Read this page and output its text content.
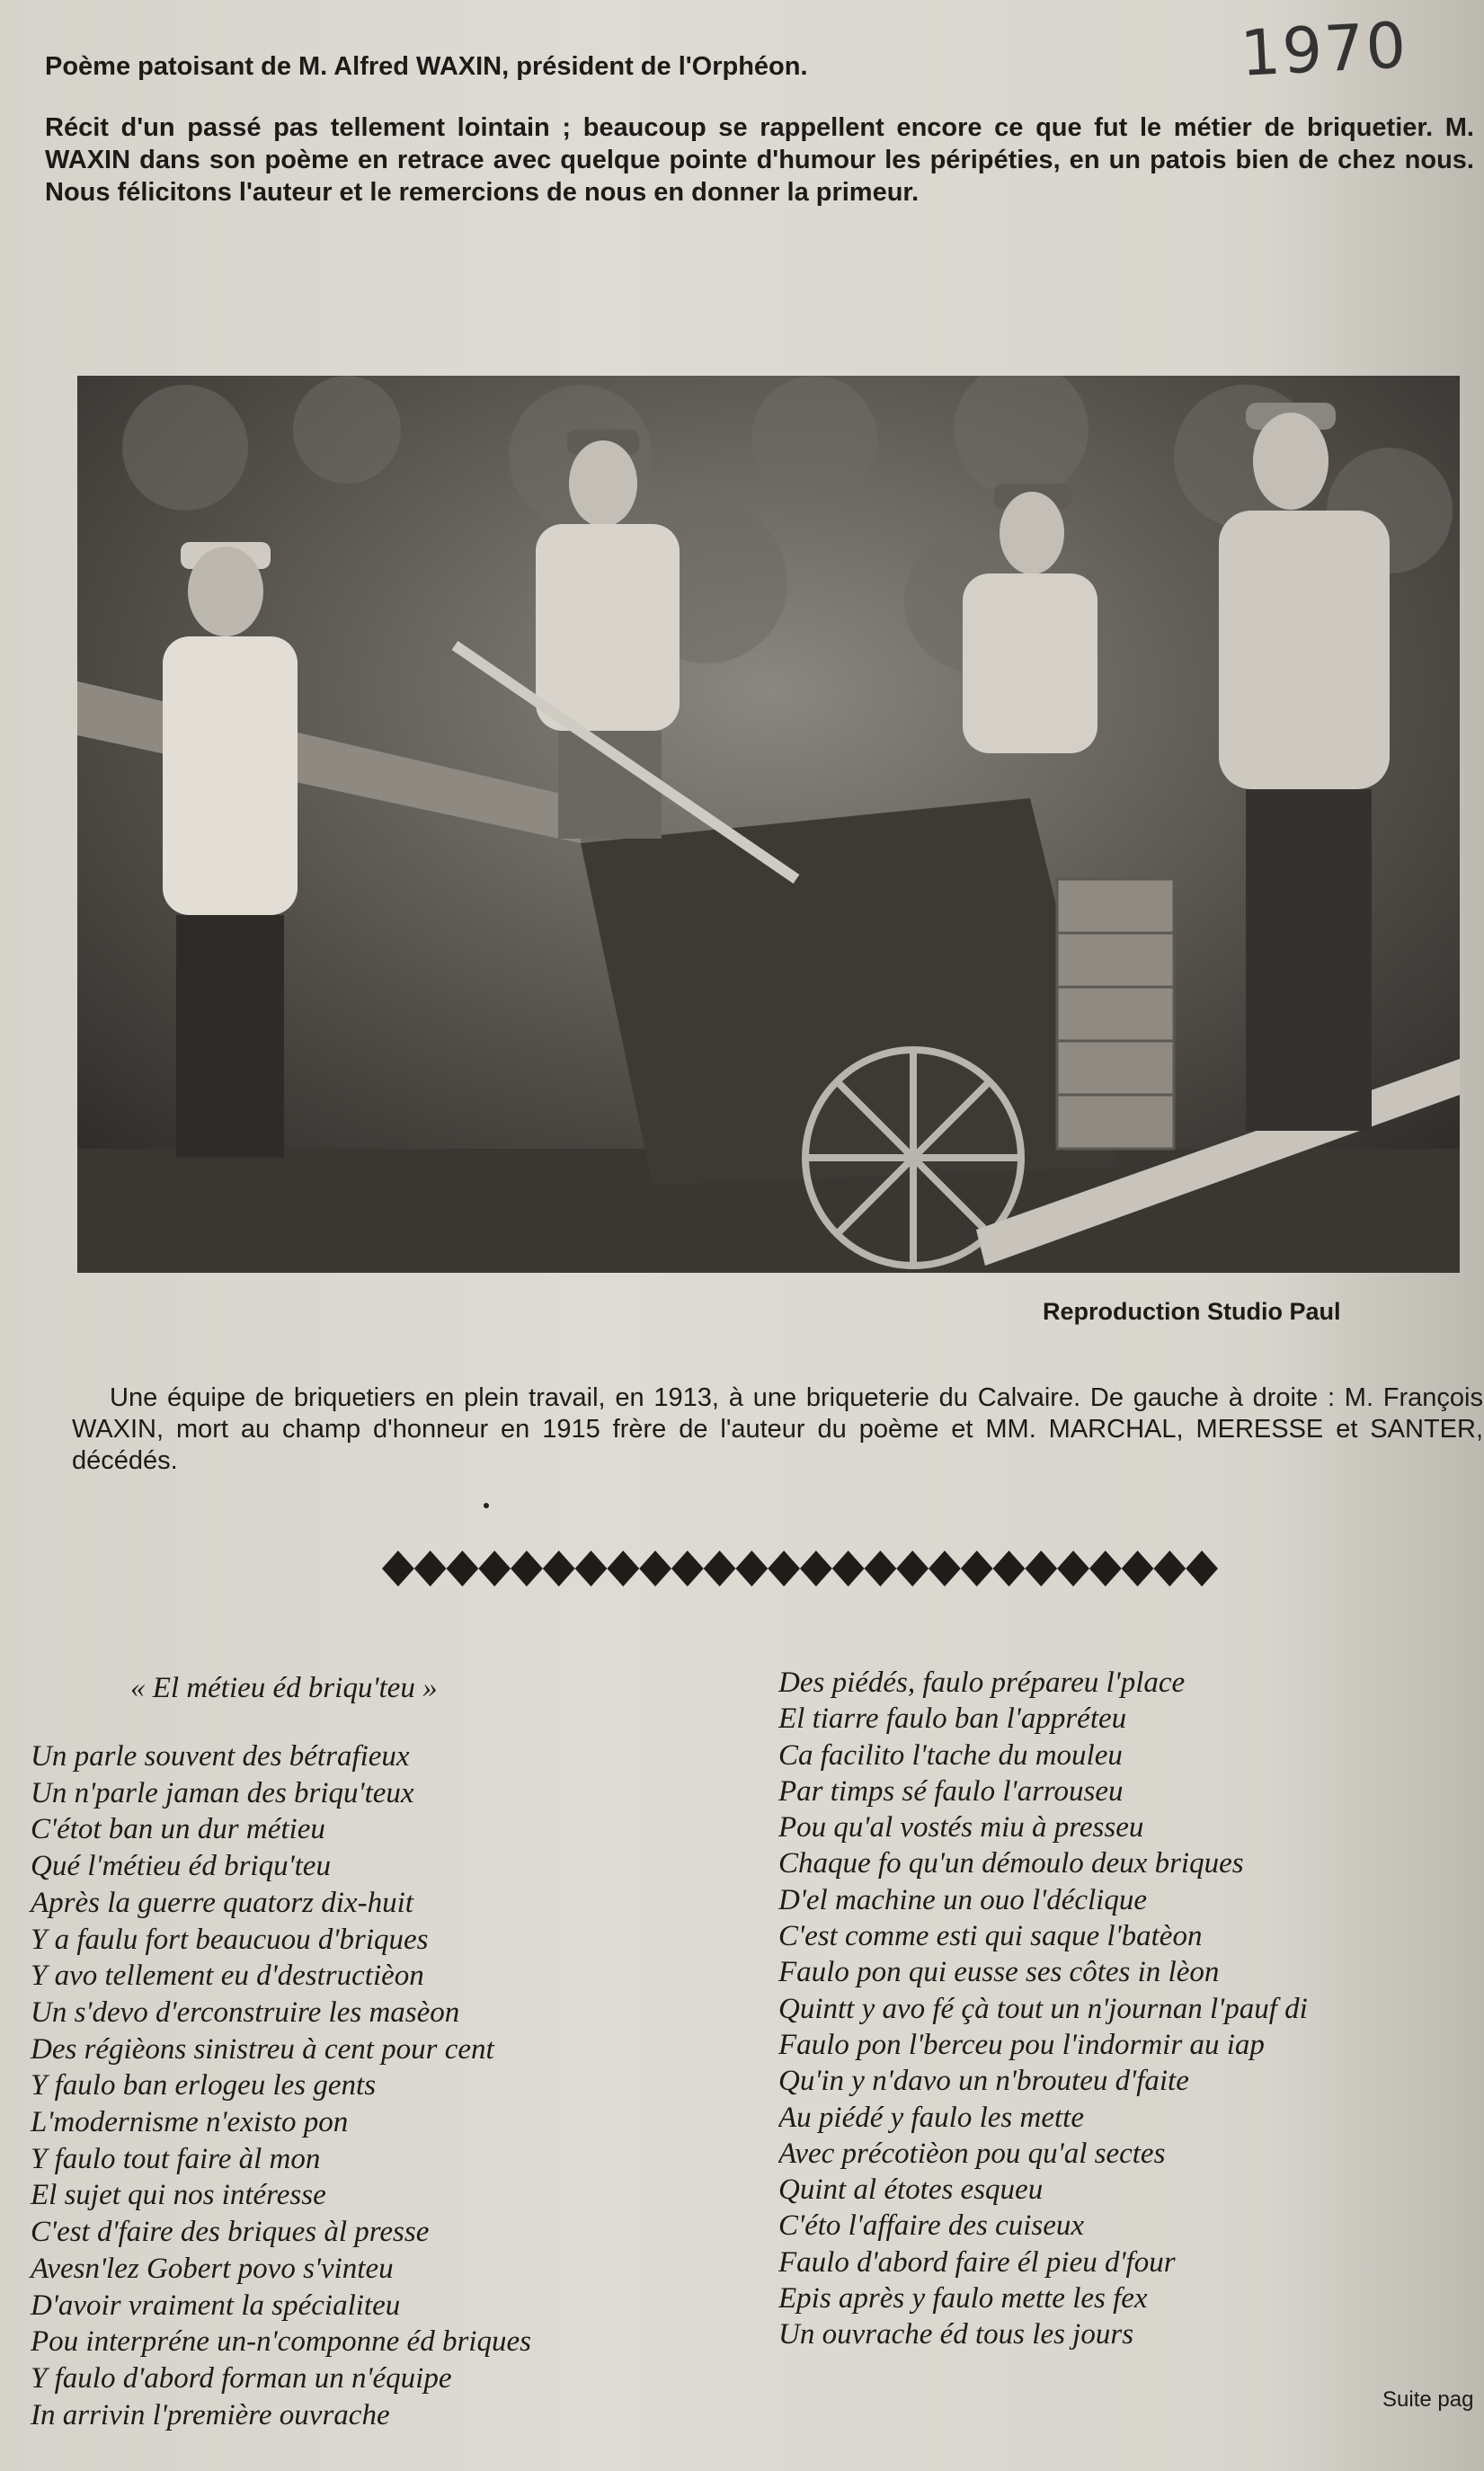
1970
Poème patoisant de M. Alfred WAXIN, président de l'Orphéon.
Récit d'un passé pas tellement lointain ; beaucoup se rappellent encore ce que fut le métier de briquetier. M. WAXIN dans son poème en retrace avec quelque pointe d'humour les péripéties, en un patois bien de chez nous. Nous félicitons l'auteur et le remercions de nous en donner la primeur.
Reproduction Studio Paul
Une équipe de briquetiers en plein travail, en 1913, à une briqueterie du Calvaire. De gauche à droite : M. François WAXIN, mort au champ d'honneur en 1915 frère de l'auteur du poème et MM. MARCHAL, MERESSE et SANTER, décédés.
« El métieu éd briqu'teu »
Un parle souvent des bétrafieux
Un n'parle jaman des briqu'teux
C'étot ban un dur métieu
Qué l'métieu éd briqu'teu
Après la guerre quatorz dix-huit
Y a faulu fort beaucuou d'briques
Y avo tellement eu d'destructièon
Un s'devo d'erconstruire les masèon
Des régièons sinistreu à cent pour cent
Y faulo ban erlogeu les gents
L'modernisme n'existo pon
Y faulo tout faire àl mon
El sujet qui nos intéresse
C'est d'faire des briques àl presse
Avesn'lez Gobert povo s'vinteu
D'avoir vraiment la spécialiteu
Pou interpréne un-n'componne éd briques
Y faulo d'abord forman un n'équipe
In arrivin l'première ouvrache
Des piédés, faulo prépareu l'place
El tiarre faulo ban l'appréteu
Ca facilito l'tache du mouleu
Par timps sé faulo l'arrouseu
Pou qu'al vostés miu à presseu
Chaque fo qu'un démoulo deux briques
D'el machine un ouo l'déclique
C'est comme esti qui saque l'batèon
Faulo pon qui eusse ses côtes in lèon
Quintt y avo fé çà tout un n'journan l'pauf di
Faulo pon l'berceu pou l'indormir au iap
Qu'in y n'davo un n'brouteu d'faite
Au piédé y faulo les mette
Avec précotièon pou qu'al sectes
Quint al étotes esqueu
C'éto l'affaire des cuiseux
Faulo d'abord faire él pieu d'four
Epis après y faulo mette les fex
Un ouvrache éd tous les jours
Suite pag
